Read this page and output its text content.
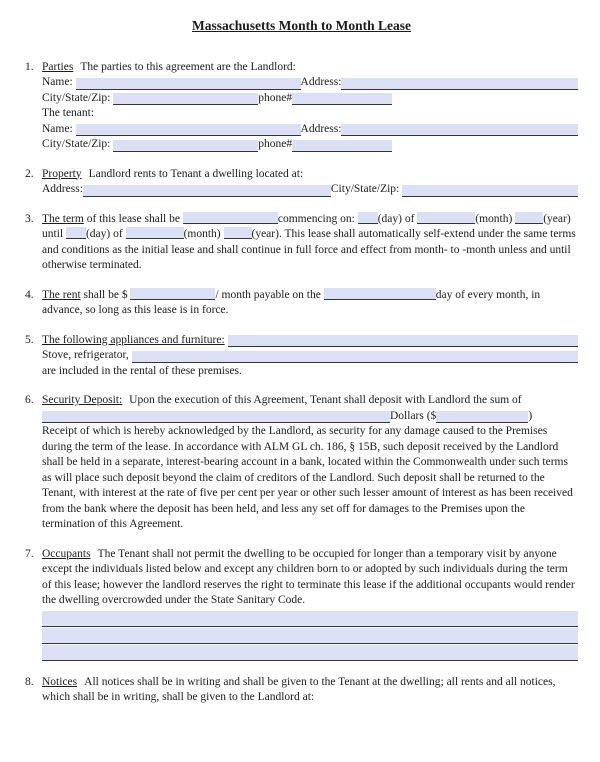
Massachusetts Month to Month Lease
1. Parties The parties to this agreement are the Landlord:
Name:
	Address:
City/State/Zip:
	phone#
The tenant:
Name:
	Address:
City/State/Zip:
	phone#
2. Property Landlord rents to Tenant a dwelling located at:
Address:	City/State/Zip:

3. The term of this lease shall be	commencing on: (day) of	(month)	(year) until (day) of	(month)	(year). This lease shall automatically self-extend under the same terms and conditions as the initial lease and shall continue in full force and effect from month- to -month unless and until otherwise terminated.
4. The rent shall be $	/ month payable on the	day of every month, in advance, so long as this lease is in force.
5. The following appliances and furniture:

Stove, refrigerator,

are included in the rental of these premises.
6. Security Deposit: Upon the execution of this Agreement, Tenant shall deposit with Landlord the sum of
Dollars ($	)
Receipt of which is hereby acknowledged by the Landlord, as security for any damage caused to the Premises during the term of the lease. In accordance with ALM GL ch. 186, § 15B, such deposit received by the Landlord shall be held in a separate, interest-bearing account in a bank, located within the Commonwealth under such terms as will place such deposit beyond the claim of creditors of the Landlord. Such deposit shall be returned to the Tenant, with interest at the rate of five per cent per year or other such lesser amount of interest as has been received from the bank where the deposit has been held, and less any set off for damages to the Premises upon the termination of this Agreement.
7. Occupants The Tenant shall not permit the dwelling to be occupied for longer than a temporary visit by anyone except the individuals listed below and except any children born to or adopted by such individuals during the term of this lease; however the landlord reserves the right to terminate this lease if the additional occupants would render the dwelling overcrowded under the State Sanitary Code.
8. Notices All notices shall be in writing and shall be given to the Tenant at the dwelling; all rents and all notices, which shall be in writing, shall be given to the Landlord at:
